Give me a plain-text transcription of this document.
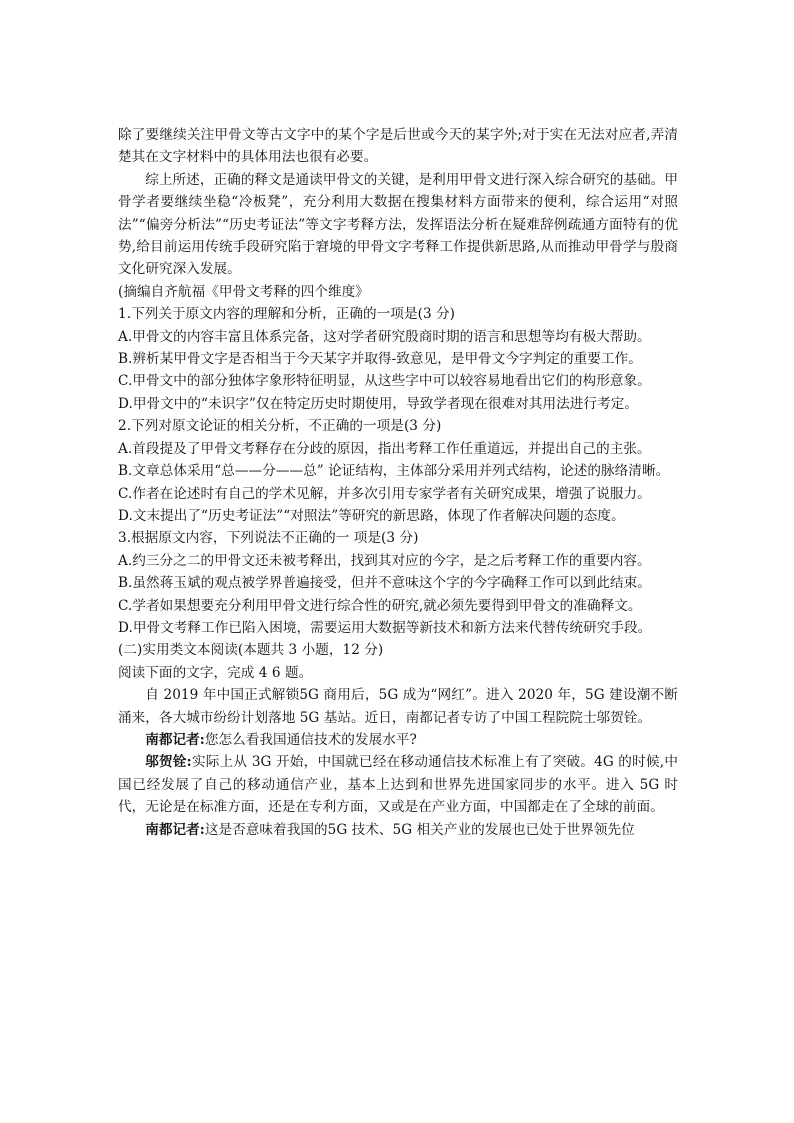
除了要继续关注甲骨文等古文字中的某个字是后世或今天的某字外;对于实在无法对应者,弄清楚其在文字材料中的具体用法也很有必要。

综上所述，正确的释文是通读甲骨文的关键，是利用甲骨文进行深入综合研究的基础。甲骨学者要继续坐稳“冷板凳”，充分利用大数据在搜集材料方面带来的便利，综合运用“对照法”“偏旁分析法”“历史考证法”等文字考释方法，发挥语法分析在疑难辞例疏通方面特有的优势,给目前运用传统手段研究陷于窘境的甲骨文字考释工作提供新思路,从而推动甲骨学与殷商文化研究深入发展。

(摘编自齐航福《甲骨文考释的四个维度》

1.下列关于原文内容的理解和分析，正确的一项是(3 分)

A.甲骨文的内容丰富且体系完备，这对学者研究殷商时期的语言和思想等均有极大帮助。

B.辨析某甲骨文字是否相当于今天某字并取得-致意见，是甲骨文今字判定的重要工作。

C.甲骨文中的部分独体字象形特征明显，从这些字中可以较容易地看出它们的构形意象。

D.甲骨文中的“未识字”仅在特定历史时期使用，导致学者现在很难对其用法进行考定。

2.下列对原文论证的相关分析，不正确的一项是(3 分)

A.首段提及了甲骨文考释存在分歧的原因，指出考释工作任重道远，并提出自己的主张。

B.文章总体采用“总——分——总” 论证结构，主体部分采用并列式结构，论述的脉络清晰。

C.作者在论述时有自己的学术见解，并多次引用专家学者有关研究成果，增强了说服力。

D.文末提出了“历史考证法”“对照法”等研究的新思路，体现了作者解决问题的态度。

3.根据原文内容，下列说法不正确的一 项是(3 分)

A.约三分之二的甲骨文还未被考释出，找到其对应的今字，是之后考释工作的重要内容。

B.虽然蒋玉斌的观点被学界普遍接受，但并不意味这个字的今字确释工作可以到此结束。

C.学者如果想要充分利用甲骨文进行综合性的研究,就必须先要得到甲骨文的准确释文。

D.甲骨文考释工作已陷入困境，需要运用大数据等新技术和新方法来代替传统研究手段。

(二)实用类文本阅读(本题共 3 小题，12 分)

阅读下面的文字，完成 4 6 题。

自 2019 年中国正式解锁5G 商用后，5G 成为“网红”。进入 2020 年，5G 建设潮不断涌来，各大城市纷纷计划落地 5G 基站。近日，南都记者专访了中国工程院院士邬贺铨。

南都记者:您怎么看我国通信技术的发展水平?

邬贺铨:实际上从 3G 开始，中国就已经在移动通信技术标准上有了突破。4G 的时候,中国已经发展了自己的移动通信产业，基本上达到和世界先进国家同步的水平。进入 5G 时代，无论是在标准方面，还是在专利方面，又或是在产业方面，中国都走在了全球的前面。

南都记者:这是否意味着我国的5G 技术、5G 相关产业的发展也已处于世界领先位
